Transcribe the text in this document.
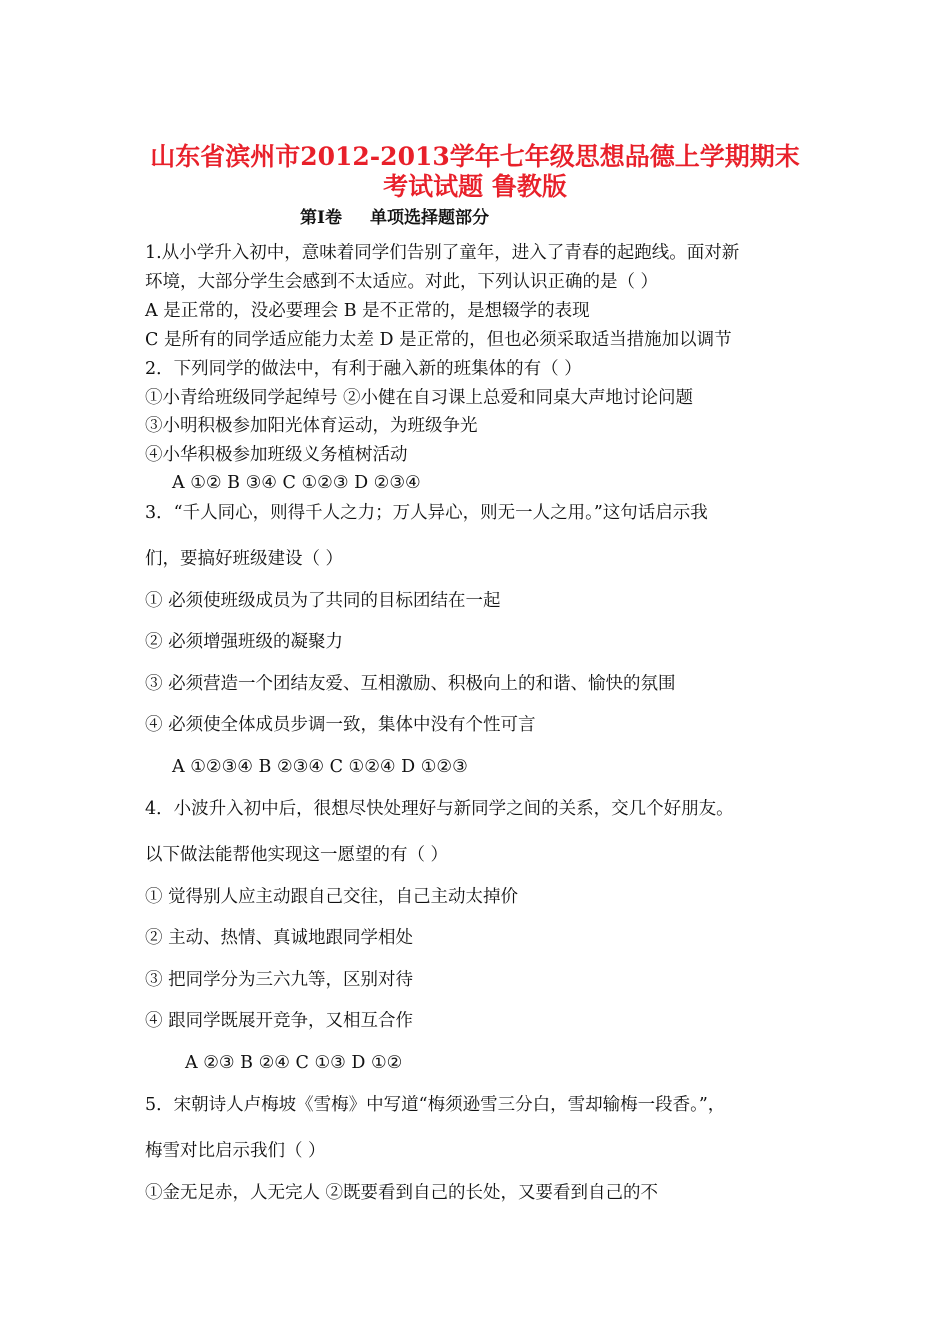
山东省滨州市2012-2013学年七年级思想品德上学期期末
考试试题 鲁教版
第Ⅰ卷 单项选择题部分
1.从小学升入初中，意味着同学们告别了童年，进入了青春的起跑线。面对新
环境，大部分学生会感到不太适应。对此，下列认识正确的是（ ）
A 是正常的，没必要理会 B 是不正常的，是想辍学的表现
C 是所有的同学适应能力太差 D 是正常的，但也必须采取适当措施加以调节
2．下列同学的做法中，有利于融入新的班集体的有（ ）
①小青给班级同学起绰号 ②小健在自习课上总爱和同桌大声地讨论问题
③小明积极参加阳光体育运动，为班级争光
④小华积极参加班级义务植树活动
A ①② B ③④ C ①②③ D ②③④
3．“千人同心，则得千人之力；万人异心，则无一人之用。”这句话启示我
们，要搞好班级建设（ ）
① 必须使班级成员为了共同的目标团结在一起
② 必须增强班级的凝聚力
③ 必须营造一个团结友爱、互相激励、积极向上的和谐、愉快的氛围
④ 必须使全体成员步调一致，集体中没有个性可言
A ①②③④ B ②③④ C ①②④ D ①②③
4．小波升入初中后，很想尽快处理好与新同学之间的关系，交几个好朋友。
以下做法能帮他实现这一愿望的有（ ）
① 觉得别人应主动跟自己交往，自己主动太掉价
② 主动、热情、真诚地跟同学相处
③ 把同学分为三六九等，区别对待
④ 跟同学既展开竞争，又相互合作
A ②③ B ②④ C ①③ D ①②
5．宋朝诗人卢梅坡《雪梅》中写道“梅须逊雪三分白，雪却输梅一段香。”，
梅雪对比启示我们（ ）
①金无足赤，人无完人 ②既要看到自己的长处，又要看到自己的不
